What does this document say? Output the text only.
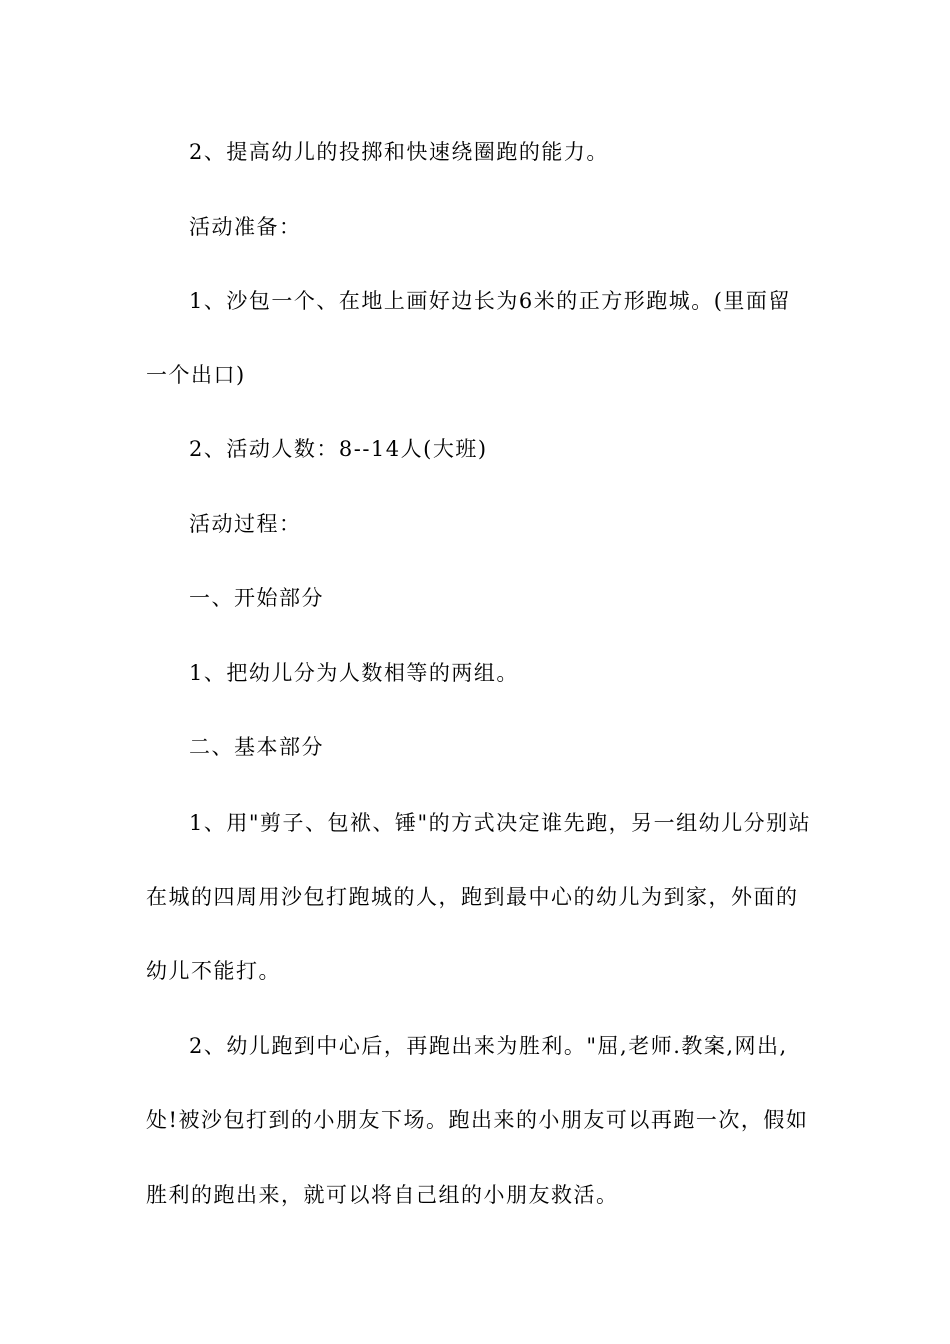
2、提高幼儿的投掷和快速绕圈跑的能力。
活动准备：
1、沙包一个、在地上画好边长为6米的正方形跑城。(里面留
一个出口)
2、活动人数：8--14人(大班)
活动过程：
一、开始部分
1、把幼儿分为人数相等的两组。
二、基本部分
1、用"剪子、包袱、锤"的方式决定谁先跑，另一组幼儿分别站
在城的四周用沙包打跑城的人，跑到最中心的幼儿为到家，外面的
幼儿不能打。
2、幼儿跑到中心后，再跑出来为胜利。"屈,老师.教案,网出,
处!被沙包打到的小朋友下场。跑出来的小朋友可以再跑一次，假如
胜利的跑出来，就可以将自己组的小朋友救活。
